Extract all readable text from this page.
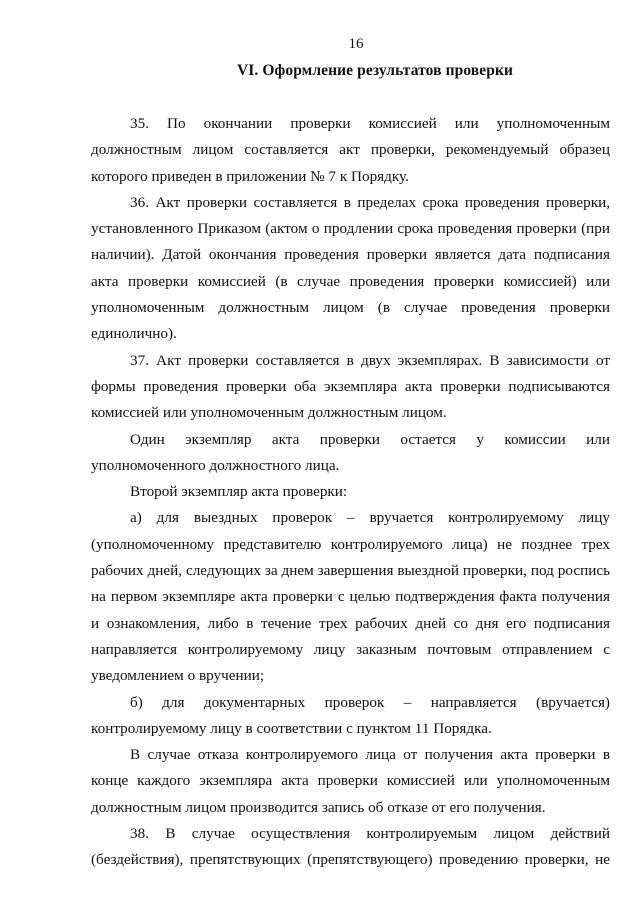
16
VI. Оформление результатов проверки

35. По окончании проверки комиссией или уполномоченным должностным лицом составляется акт проверки, рекомендуемый образец которого приведен в приложении № 7 к Порядку.

36. Акт проверки составляется в пределах срока проведения проверки, установленного Приказом (актом о продлении срока проведения проверки (при наличии). Датой окончания проведения проверки является дата подписания акта проверки комиссией (в случае проведения проверки комиссией) или уполномоченным должностным лицом (в случае проведения проверки единолично).

37. Акт проверки составляется в двух экземплярах. В зависимости от формы проведения проверки оба экземпляра акта проверки подписываются комиссией или уполномоченным должностным лицом.

Один экземпляр акта проверки остается у комиссии или уполномоченного должностного лица.

Второй экземпляр акта проверки:

а) для выездных проверок – вручается контролируемому лицу (уполномоченному представителю контролируемого лица) не позднее трех рабочих дней, следующих за днем завершения выездной проверки, под роспись на первом экземпляре акта проверки с целью подтверждения факта получения и ознакомления, либо в течение трех рабочих дней со дня его подписания направляется контролируемому лицу заказным почтовым отправлением с уведомлением о вручении;

б) для документарных проверок – направляется (вручается) контролируемому лицу в соответствии с пунктом 11 Порядка.

В случае отказа контролируемого лица от получения акта проверки в конце каждого экземпляра акта проверки комиссией или уполномоченным должностным лицом производится запись об отказе от его получения.

38. В случае осуществления контролируемым лицом действий (бездействия), препятствующих (препятствующего) проведению проверки, не
